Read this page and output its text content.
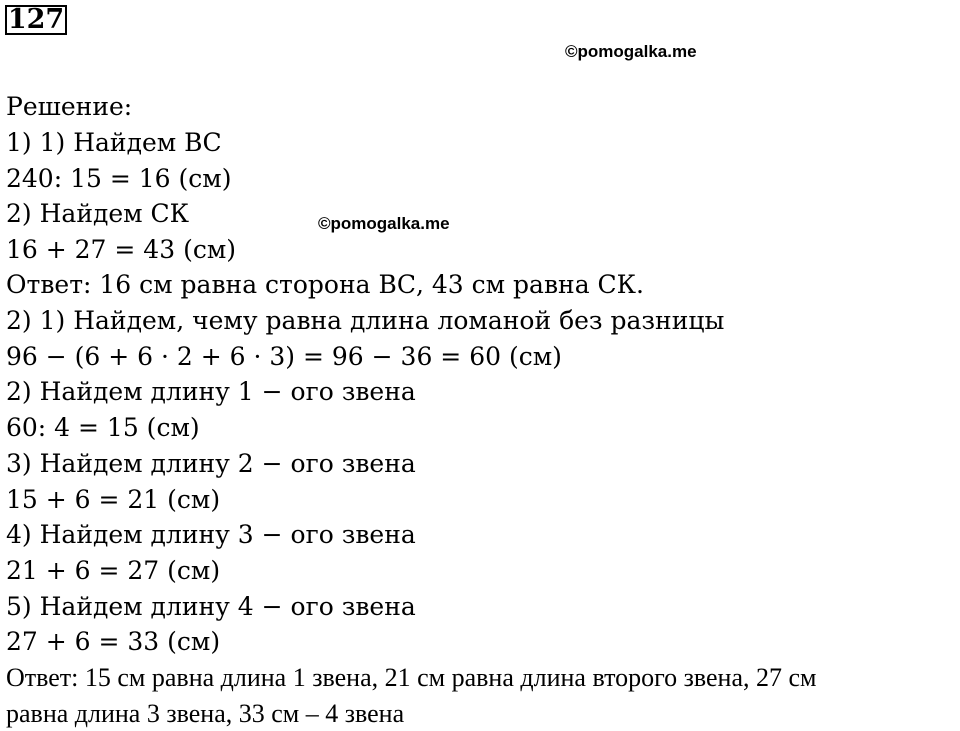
127
©pomogalka.me
©pomogalka.me
Решение:
1) 1) Найдем ВС
240: 15 = 16 (см)
2) Найдем СК
16 + 27 = 43 (см)
Ответ: 16 см равна сторона ВС, 43 см равна СК.
2) 1) Найдем, чему равна длина ломаной без разницы
96 − (6 + 6 · 2 + 6 · 3) = 96 − 36 = 60 (см)
2) Найдем длину 1 − ого звена
60: 4 = 15 (см)
3) Найдем длину 2 − ого звена
15 + 6 = 21 (см)
4) Найдем длину 3 − ого звена
21 + 6 = 27 (см)
5) Найдем длину 4 − ого звена
27 + 6 = 33 (см)
Ответ: 15 см равна длина 1 звена, 21 см равна длина второго звена, 27 см
равна длина 3 звена, 33 см – 4 звена
